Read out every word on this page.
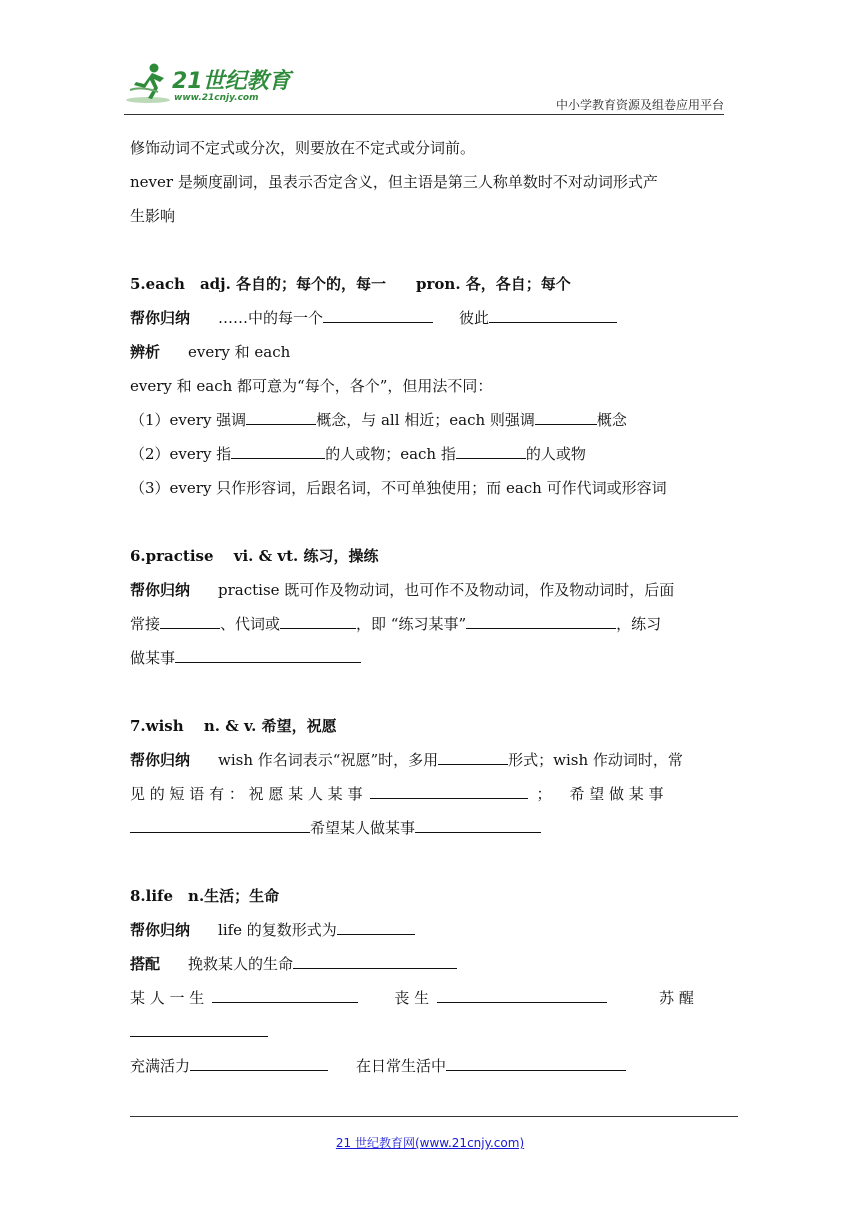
21世纪教育
www.21cnjy.com	中小学教育资源及组卷应用平台
修饰动词不定式或分次，则要放在不定式或分词前。
never 是频度副词，虽表示否定含义，但主语是第三人称单数时不对动词形式产
生影响
5.each　adj. 各自的；每个的，每一　　pron. 各，各自；每个
帮你归纳 ……中的每一个	彼此
辨析 every 和 each
every 和 each 都可意为“每个，各个”，但用法不同：
（1）every 强调	概念，与 all 相近；each 则强调	概念
（2）every 指	的人或物；each 指	的人或物
（3）every 只作形容词，后跟名词，不可单独使用；而 each 可作代词或形容词
6.practise　 vi. & vt. 练习，操练
帮你归纳 practise 既可作及物动词，也可作不及物动词，作及物动词时，后面
常接	、代词或	，即 “练习某事”	，练习
做某事
7.wish　 n. & v. 希望，祝愿
帮你归纳 wish 作名词表示“祝愿”时，多用	形式；wish 作动词时，常
见 的 短 语 有 ： 祝 愿 某 人 某 事	； 希 望 做 某 事
希望某人做某事
8.life　n.生活；生命
帮你归纳 life 的复数形式为
搭配 挽救某人的生命
某 人 一 生	丧 生	苏 醒
充满活力	在日常生活中
21 世纪教育网(www.21cnjy.com)
